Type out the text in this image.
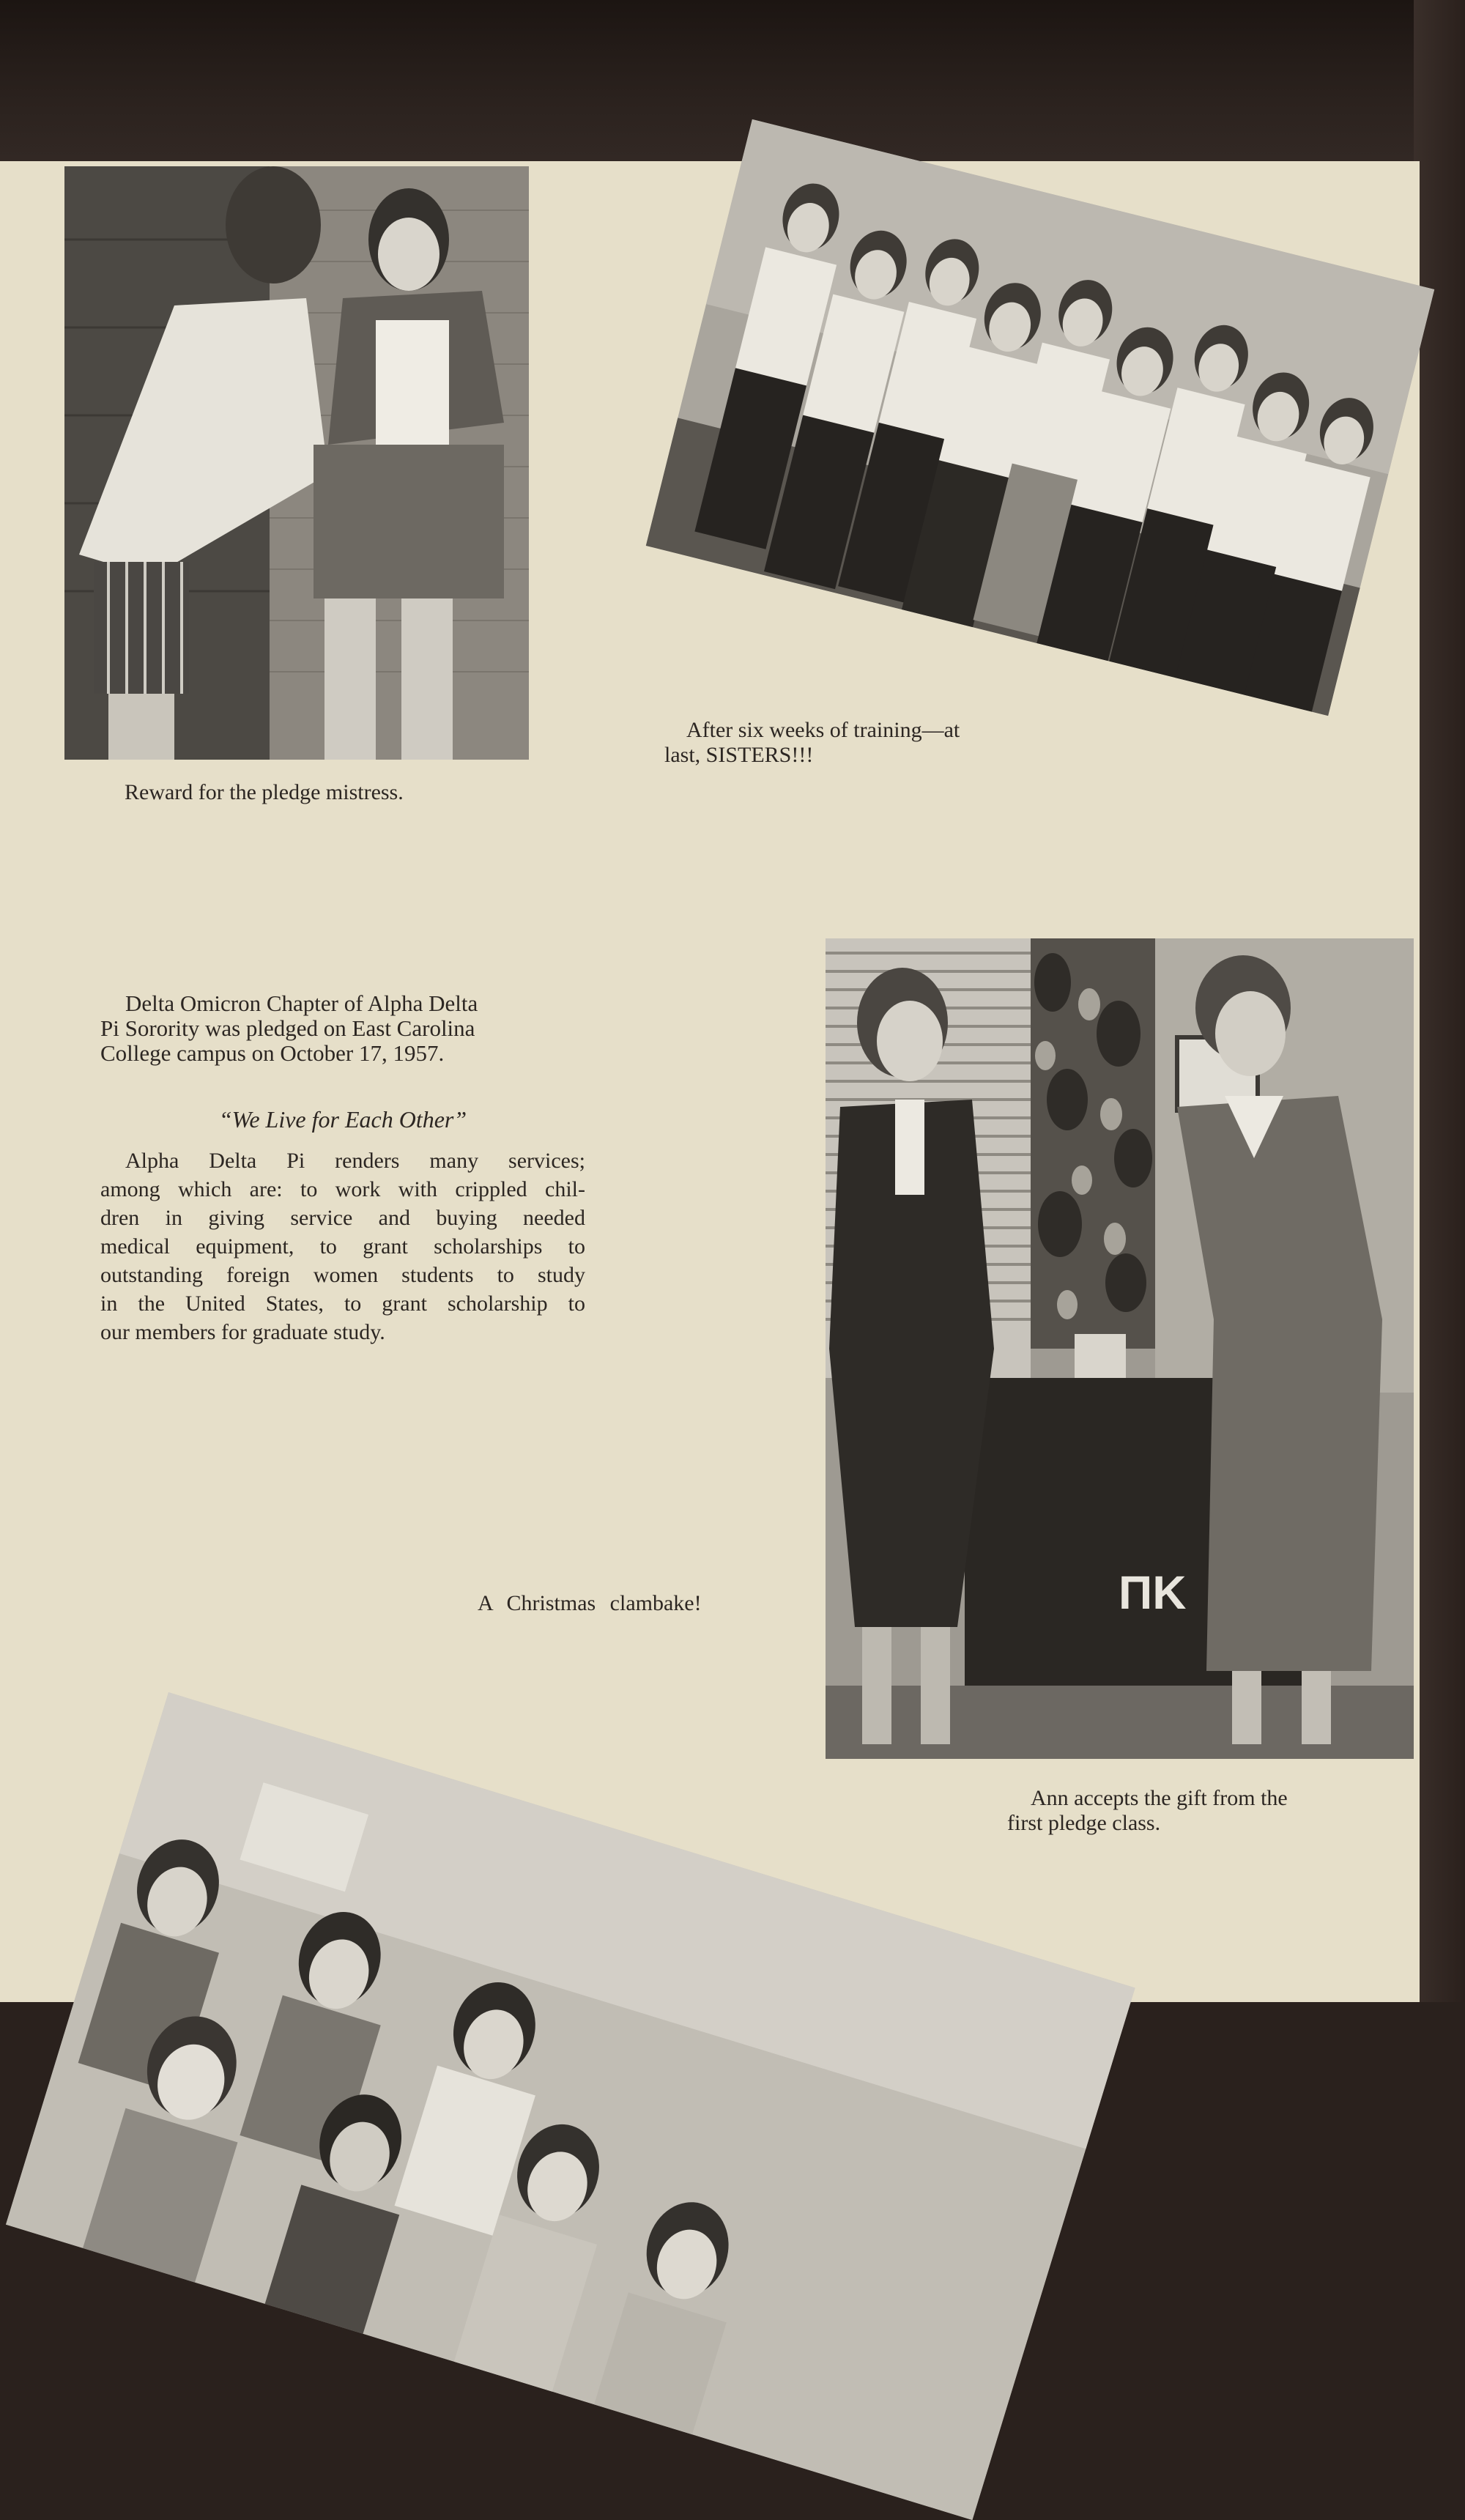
Reward for the pledge mistress.
After six weeks of training—at
last, SISTERS!!!
Delta Omicron Chapter of Alpha Delta
Pi Sorority was pledged on East Carolina
College campus on October 17, 1957.
“We Live for Each Other”
Alpha Delta Pi renders many services;
among which are: to work with crippled chil-
dren in giving service and buying needed
medical equipment, to grant scholarships to
outstanding foreign women students to study
in the United States, to grant scholarship to
our members for graduate study.
ΠΚ
Ann accepts the gift from the
first pledge class.
A Christmas clambake!
